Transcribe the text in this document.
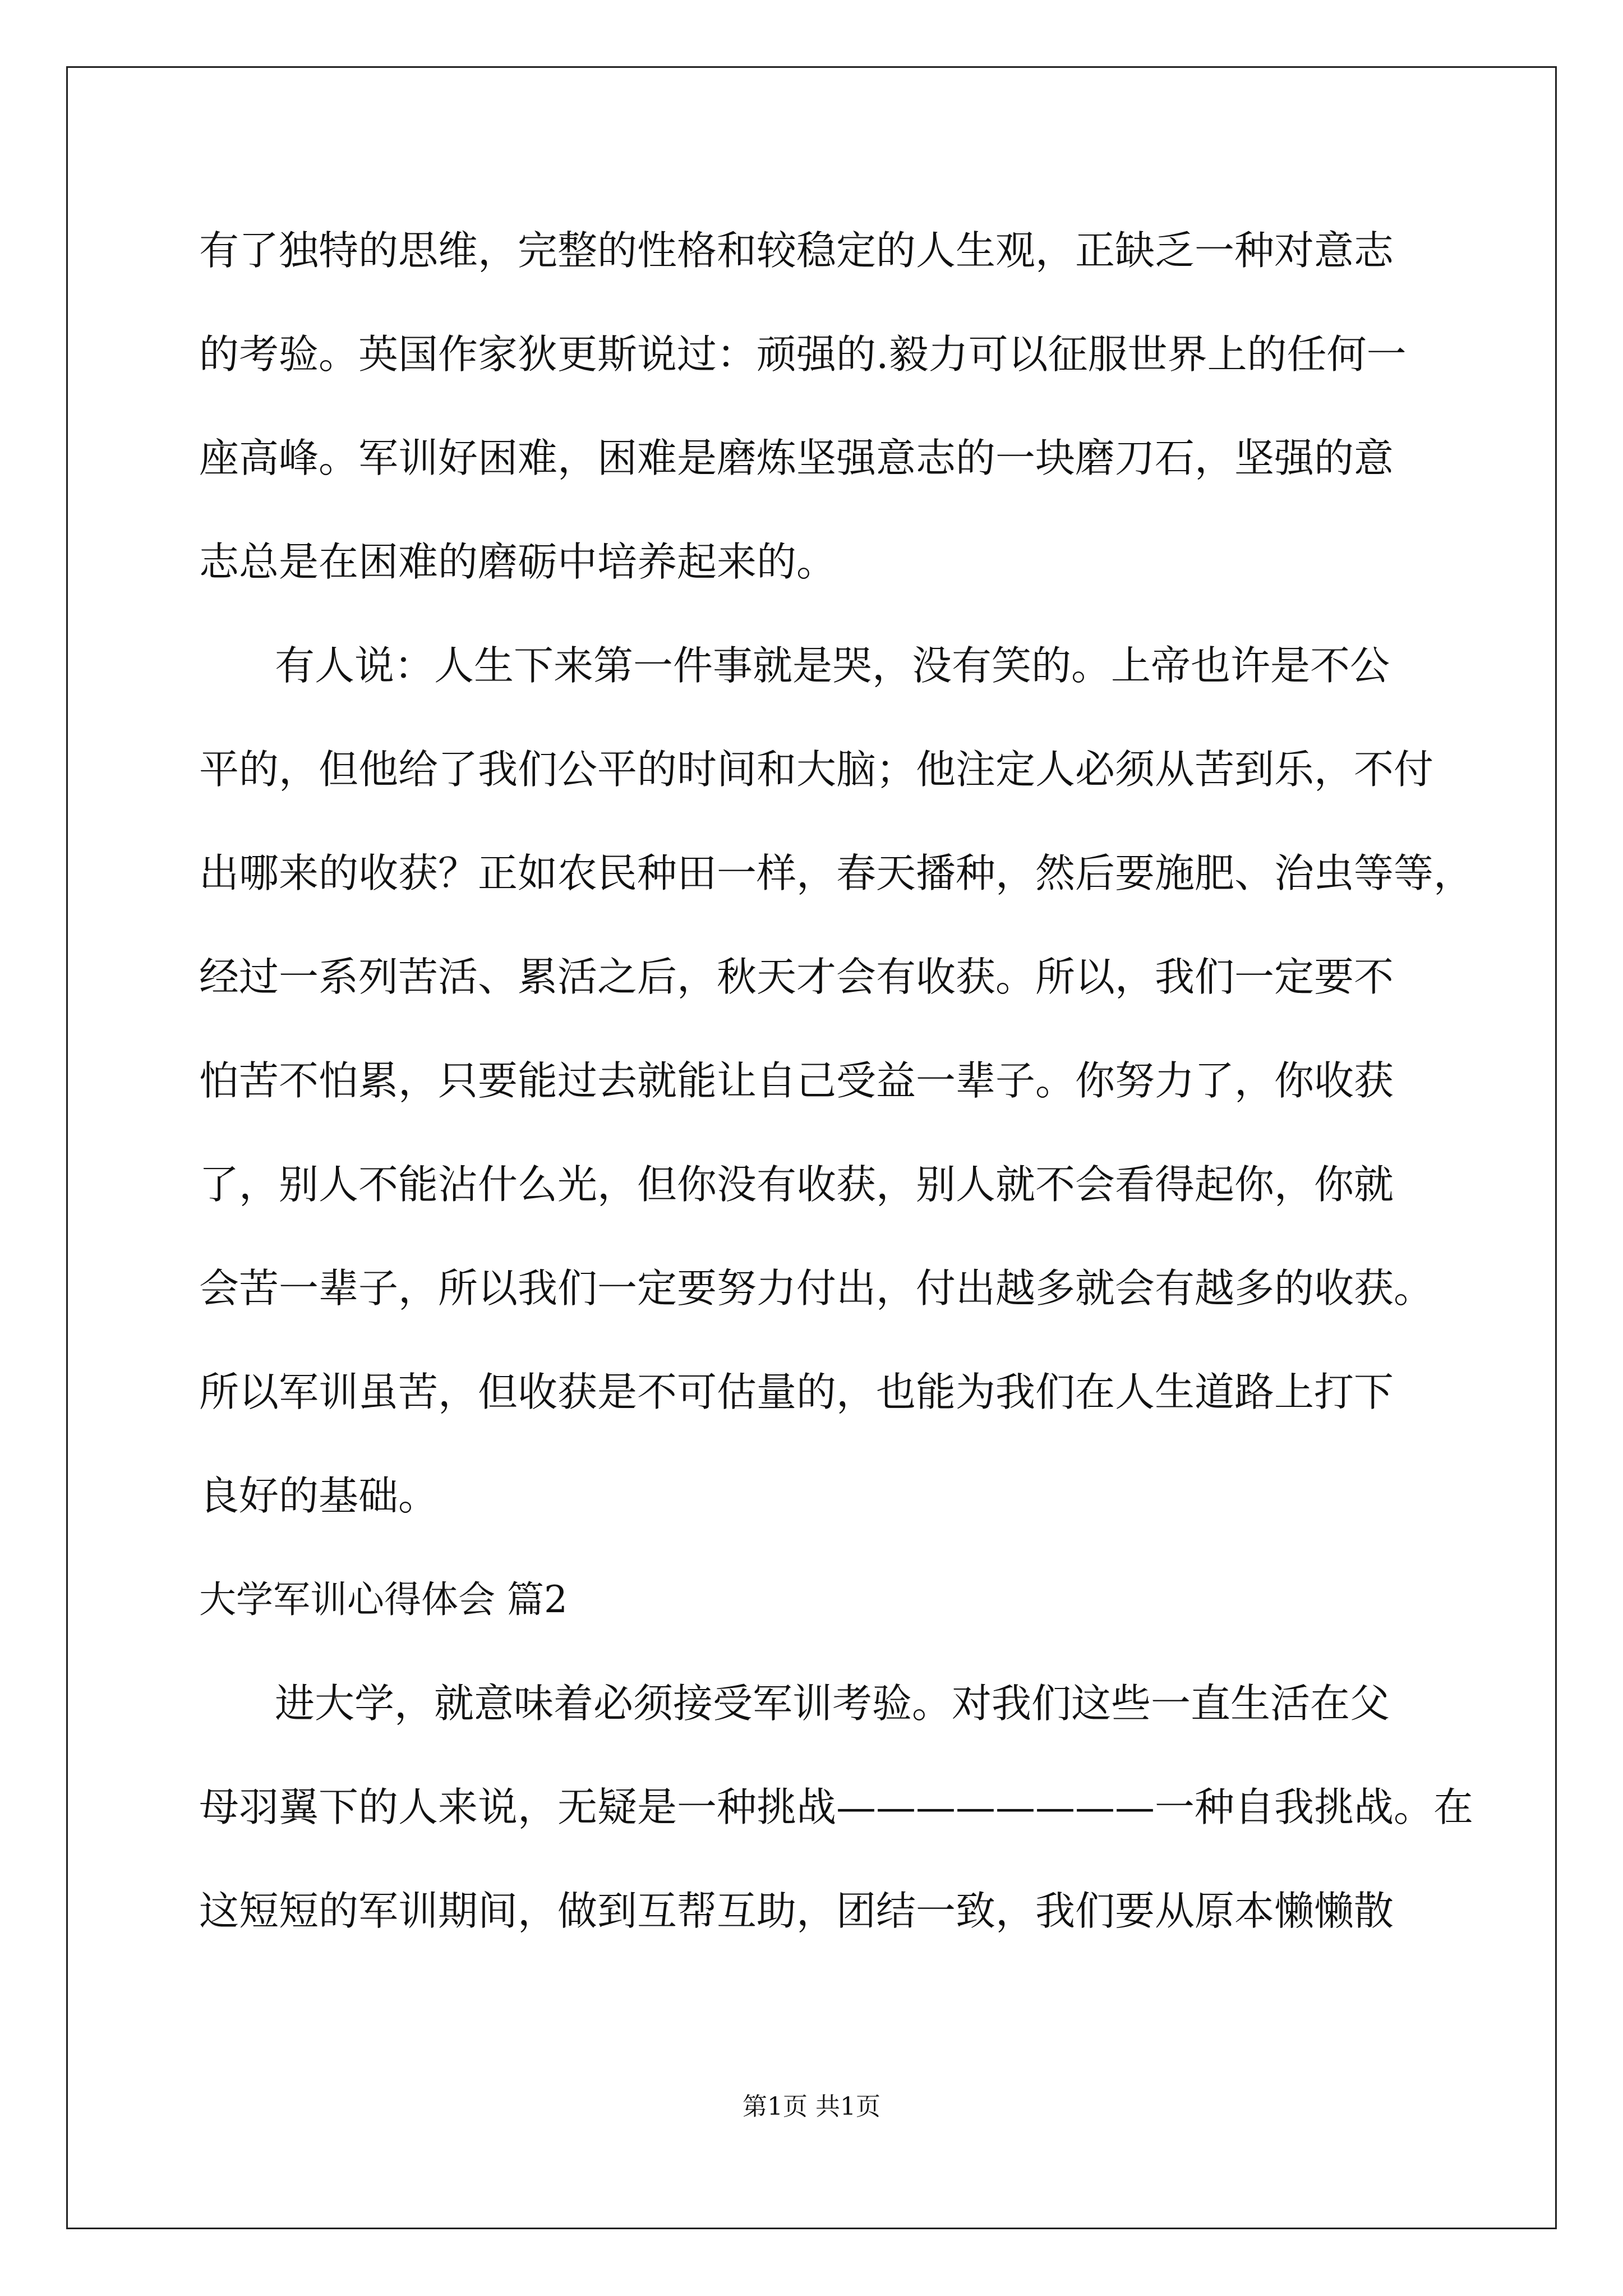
有了独特的思维，完整的性格和较稳定的人生观，正缺乏一种对意志

的考验。英国作家狄更斯说过：顽强的.毅力可以征服世界上的任何一

座高峰。军训好困难，困难是磨炼坚强意志的一块磨刀石，坚强的意

志总是在困难的磨砺中培养起来的。

有人说：人生下来第一件事就是哭，没有笑的。上帝也许是不公

平的，但他给了我们公平的时间和大脑；他注定人必须从苦到乐，不付

出哪来的收获？正如农民种田一样，春天播种，然后要施肥、治虫等等，

经过一系列苦活、累活之后，秋天才会有收获。所以，我们一定要不

怕苦不怕累，只要能过去就能让自己受益一辈子。你努力了，你收获

了，别人不能沾什么光，但你没有收获，别人就不会看得起你，你就

会苦一辈子，所以我们一定要努力付出，付出越多就会有越多的收获。

所以军训虽苦，但收获是不可估量的，也能为我们在人生道路上打下

良好的基础。

大学军训心得体会 篇2

进大学，就意味着必须接受军训考验。对我们这些一直生活在父

母羽翼下的人来说，无疑是一种挑战————————一种自我挑战。在

这短短的军训期间，做到互帮互助，团结一致，我们要从原本懒懒散

第1页 共1页
